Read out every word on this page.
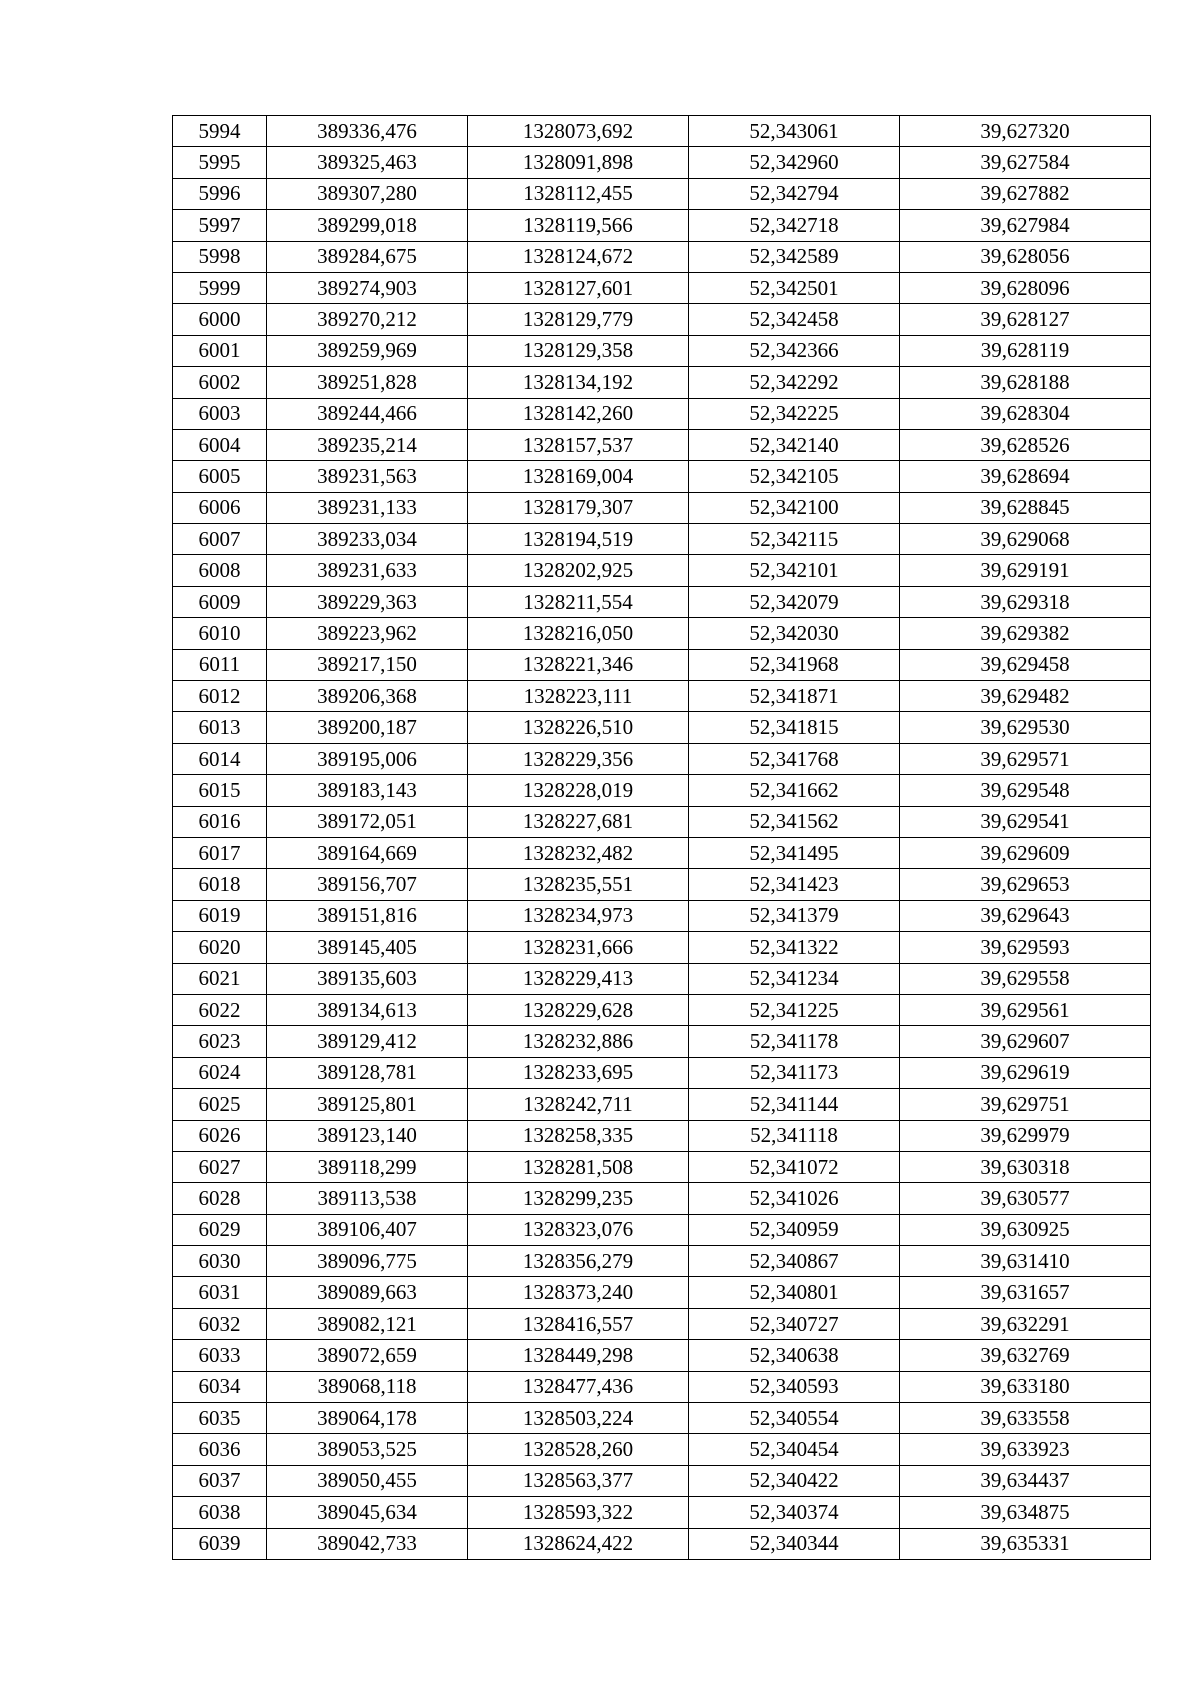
5994	389336,476	1328073,692	52,343061	39,627320
5995	389325,463	1328091,898	52,342960	39,627584
5996	389307,280	1328112,455	52,342794	39,627882
5997	389299,018	1328119,566	52,342718	39,627984
5998	389284,675	1328124,672	52,342589	39,628056
5999	389274,903	1328127,601	52,342501	39,628096
6000	389270,212	1328129,779	52,342458	39,628127
6001	389259,969	1328129,358	52,342366	39,628119
6002	389251,828	1328134,192	52,342292	39,628188
6003	389244,466	1328142,260	52,342225	39,628304
6004	389235,214	1328157,537	52,342140	39,628526
6005	389231,563	1328169,004	52,342105	39,628694
6006	389231,133	1328179,307	52,342100	39,628845
6007	389233,034	1328194,519	52,342115	39,629068
6008	389231,633	1328202,925	52,342101	39,629191
6009	389229,363	1328211,554	52,342079	39,629318
6010	389223,962	1328216,050	52,342030	39,629382
6011	389217,150	1328221,346	52,341968	39,629458
6012	389206,368	1328223,111	52,341871	39,629482
6013	389200,187	1328226,510	52,341815	39,629530
6014	389195,006	1328229,356	52,341768	39,629571
6015	389183,143	1328228,019	52,341662	39,629548
6016	389172,051	1328227,681	52,341562	39,629541
6017	389164,669	1328232,482	52,341495	39,629609
6018	389156,707	1328235,551	52,341423	39,629653
6019	389151,816	1328234,973	52,341379	39,629643
6020	389145,405	1328231,666	52,341322	39,629593
6021	389135,603	1328229,413	52,341234	39,629558
6022	389134,613	1328229,628	52,341225	39,629561
6023	389129,412	1328232,886	52,341178	39,629607
6024	389128,781	1328233,695	52,341173	39,629619
6025	389125,801	1328242,711	52,341144	39,629751
6026	389123,140	1328258,335	52,341118	39,629979
6027	389118,299	1328281,508	52,341072	39,630318
6028	389113,538	1328299,235	52,341026	39,630577
6029	389106,407	1328323,076	52,340959	39,630925
6030	389096,775	1328356,279	52,340867	39,631410
6031	389089,663	1328373,240	52,340801	39,631657
6032	389082,121	1328416,557	52,340727	39,632291
6033	389072,659	1328449,298	52,340638	39,632769
6034	389068,118	1328477,436	52,340593	39,633180
6035	389064,178	1328503,224	52,340554	39,633558
6036	389053,525	1328528,260	52,340454	39,633923
6037	389050,455	1328563,377	52,340422	39,634437
6038	389045,634	1328593,322	52,340374	39,634875
6039	389042,733	1328624,422	52,340344	39,635331
